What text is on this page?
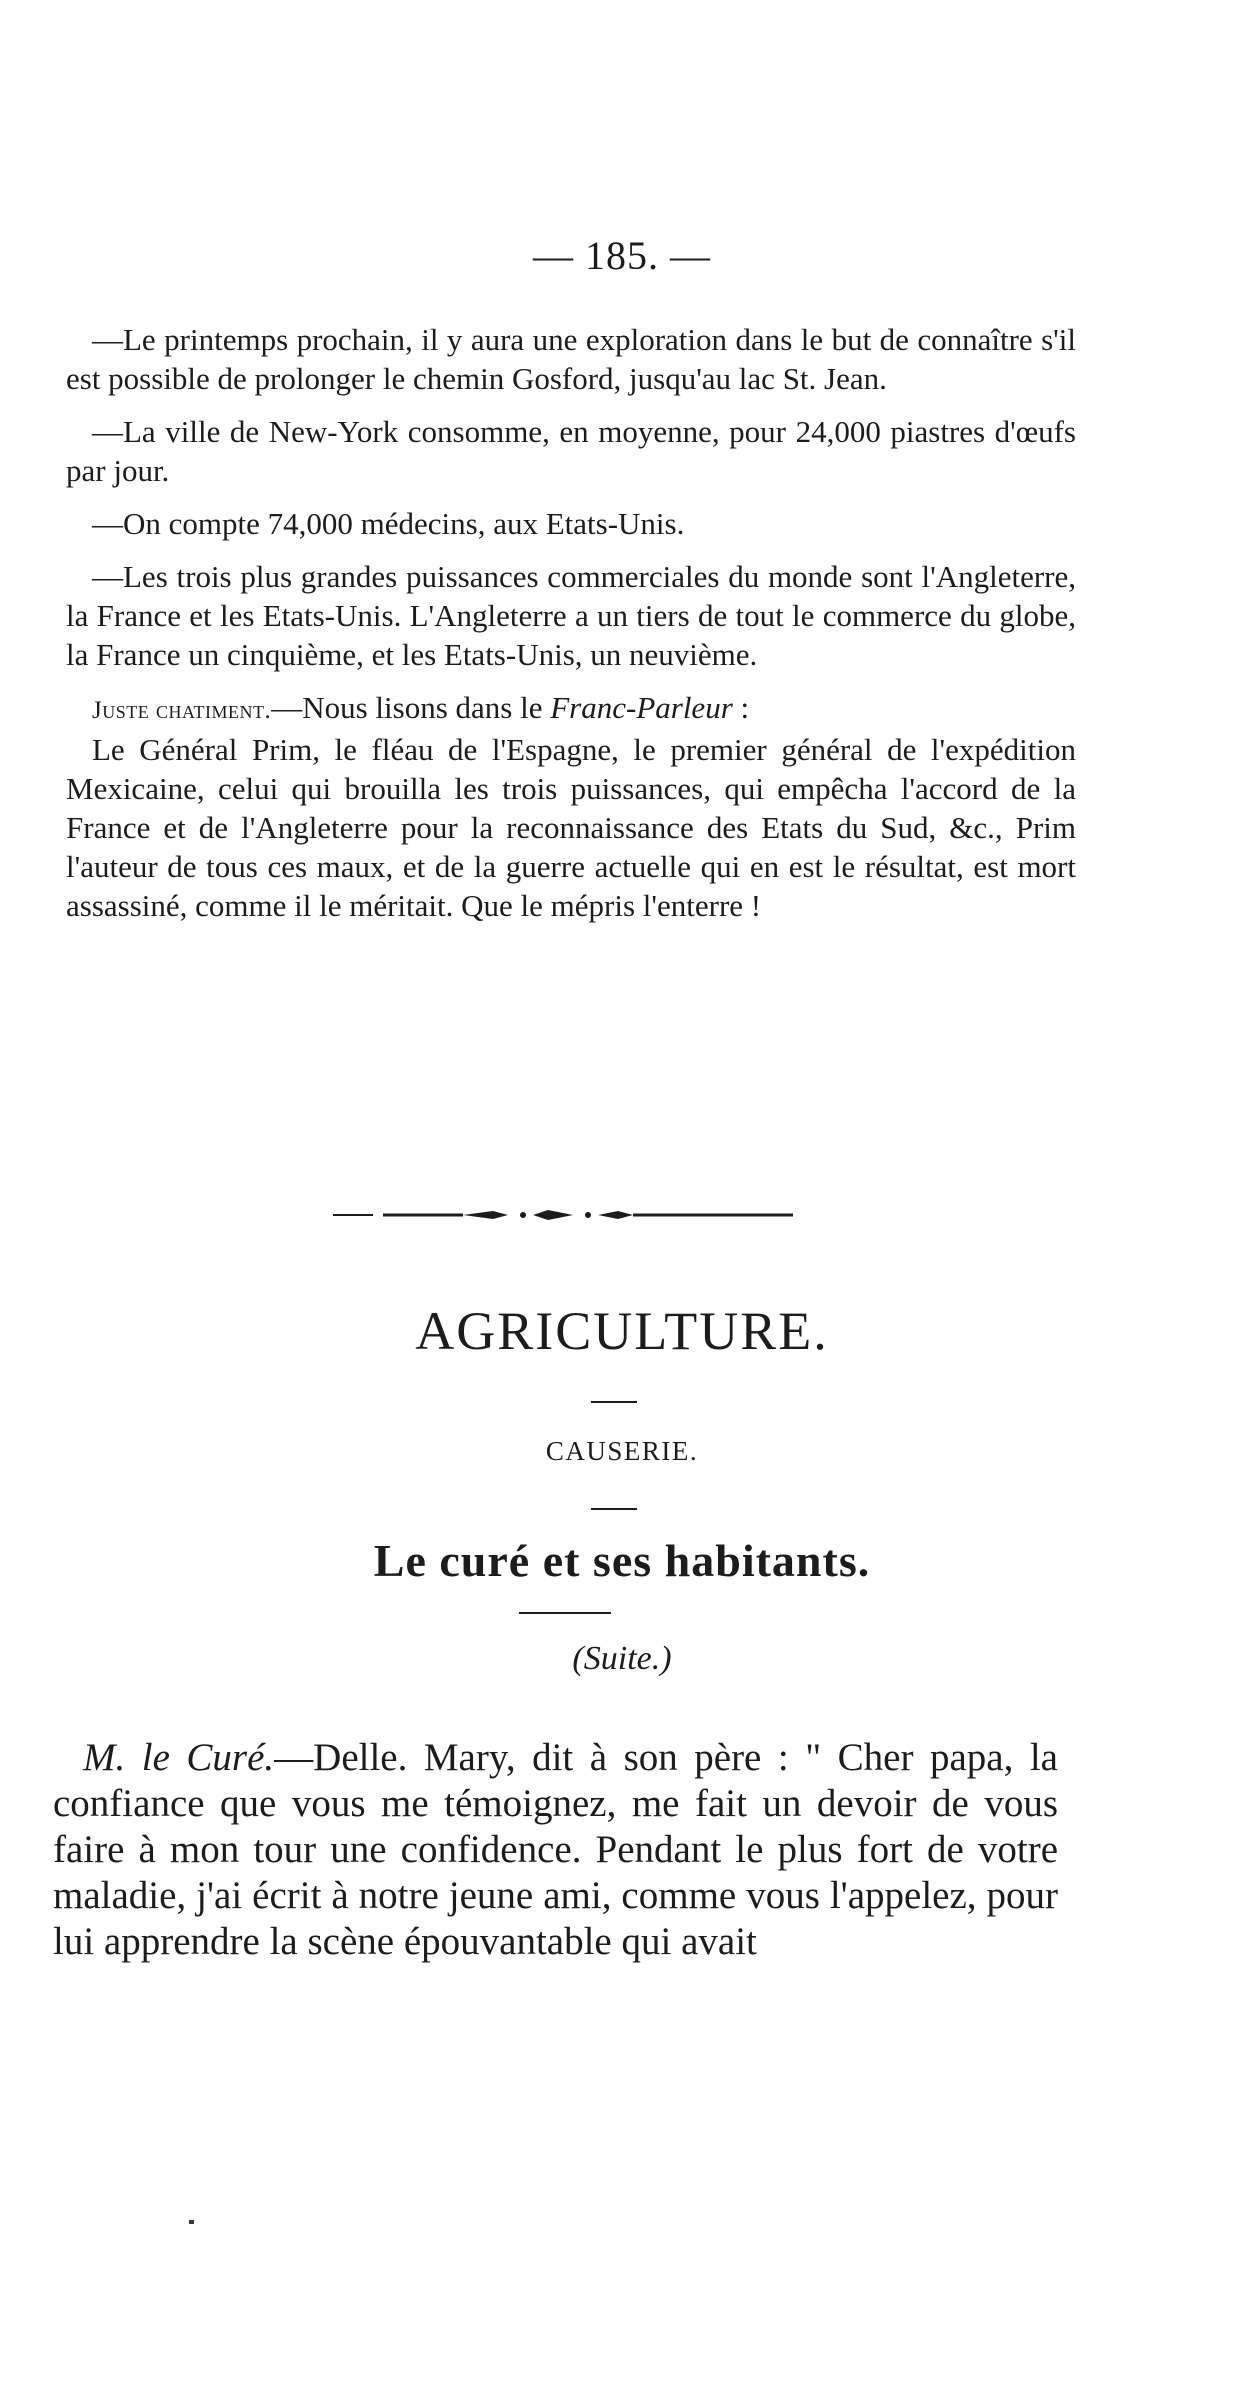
— 185. —

—Le printemps prochain, il y aura une exploration dans le but de connaître s'il est possible de prolonger le chemin Gosford, jusqu'au lac St. Jean.

—La ville de New-York consomme, en moyenne, pour 24,000 piastres d'œufs par jour.

—On compte 74,000 médecins, aux Etats-Unis.

—Les trois plus grandes puissances commerciales du monde sont l'Angleterre, la France et les Etats-Unis. L'Angleterre a un tiers de tout le commerce du globe, la France un cinquième, et les Etats-Unis, un neuvième.

Juste chatiment.—Nous lisons dans le Franc-Parleur :

Le Général Prim, le fléau de l'Espagne, le premier général de l'expédition Mexicaine, celui qui brouilla les trois puissances, qui empêcha l'accord de la France et de l'Angleterre pour la reconnaissance des Etats du Sud, &c., Prim l'auteur de tous ces maux, et de la guerre actuelle qui en est le résultat, est mort assassiné, comme il le méritait. Que le mépris l'enterre !

AGRICULTURE.
CAUSERIE.
Le curé et ses habitants.
(Suite.)

M. le Curé.—Delle. Mary, dit à son père : " Cher papa, la confiance que vous me témoignez, me fait un devoir de vous faire à mon tour une confidence. Pendant le plus fort de votre maladie, j'ai écrit à notre jeune ami, comme vous l'appelez, pour lui apprendre la scène épouvantable qui avait
